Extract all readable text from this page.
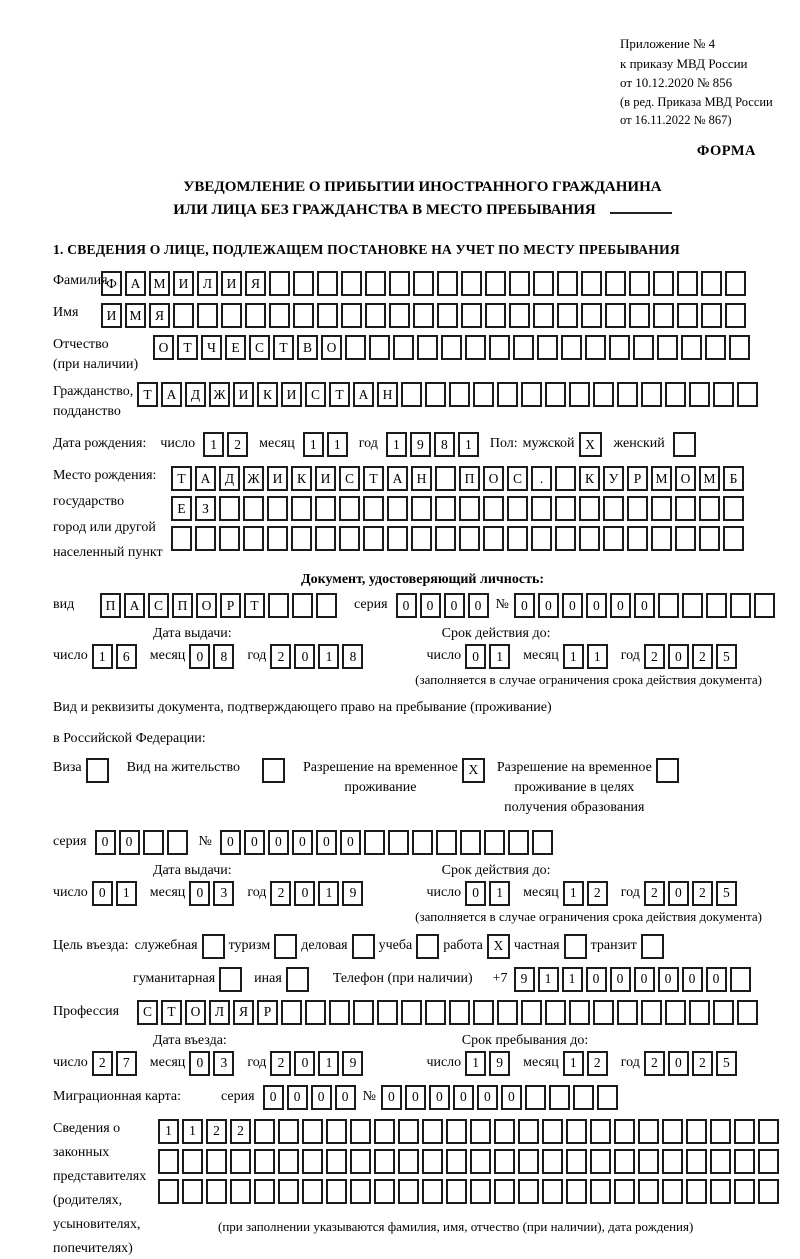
Приложение № 4
к приказу МВД России
от 10.12.2020 № 856
(в ред. Приказа МВД России
от 16.11.2022 № 867)
ФОРМА
УВЕДОМЛЕНИЕ О ПРИБЫТИИ ИНОСТРАННОГО ГРАЖДАНИНА
ИЛИ ЛИЦА БЕЗ ГРАЖДАНСТВА В МЕСТО ПРЕБЫВАНИЯ
1. СВЕДЕНИЯ О ЛИЦЕ, ПОДЛЕЖАЩЕМ ПОСТАНОВКЕ НА УЧЕТ ПО МЕСТУ ПРЕБЫВАНИЯ
Фамилия
Ф	А М И	Л	И	Я
Имя	И М Я
Отчество
(при наличии)
О	Т	Ч	Е	С	Т	В	О
Гражданство,
подданство
Т	А	Д Ж И	К	И	С	Т	А	Н
Дата рождения: число	1	2	месяц	1	1	год	1	9	8	1	Пол: мужской X	женский
Место рождения:
государство
город или другой
населенный пункт
Т	А	Д Ж И	К	И	С	Т	А	Н	П	О	С	.	К	У	Р	М О М	Б
Е	З
Документ, удостоверяющий личность:
вид	П	А	С	П	О	Р	Т	серия	0	0	0	0	№ 0	0	0	0	0	0
Дата выдачи:	Срок действия до:
число 1	6	месяц 0	8	год 2	0	1	8	число 0	1	месяц 1	1	год 2	0	2	5
(заполняется в случае ограничения срока действия документа)
Вид и реквизиты документа, подтверждающего право на пребывание (проживание)
в Российской Федерации:
Виза	Вид на жительство	Разрешение на временное
проживание
X	Разрешение на временное
проживание в целях
получения образования
серия	0	0	№	0	0	0	0	0	0
Дата выдачи:	Срок действия до:
число 0	1	месяц 0	3	год 2	0	1	9	число 0	1	месяц 1	2	год 2	0	2	5
(заполняется в случае ограничения срока действия документа)
Цель въезда: служебная туризм деловая учеба работа X частная транзит
гуманитарная	иная	Телефон (при наличии) +7 9	1	1	0	0	0	0	0	0
Профессия	С	Т	О	Л	Я	Р
Дата въезда:	Срок пребывания до:
число 2	7	месяц 0	3	год 2	0	1	9	число 1	9	месяц 1	2	год 2	0	2	5
Миграционная карта:	серия	0	0	0	0	№ 0	0	0	0	0	0
Сведения о
законных
представителях
(родителях,
усыновителях,
попечителях)
1	1	2	2
(при заполнении указываются фамилия, имя, отчество (при наличии), дата рождения)
